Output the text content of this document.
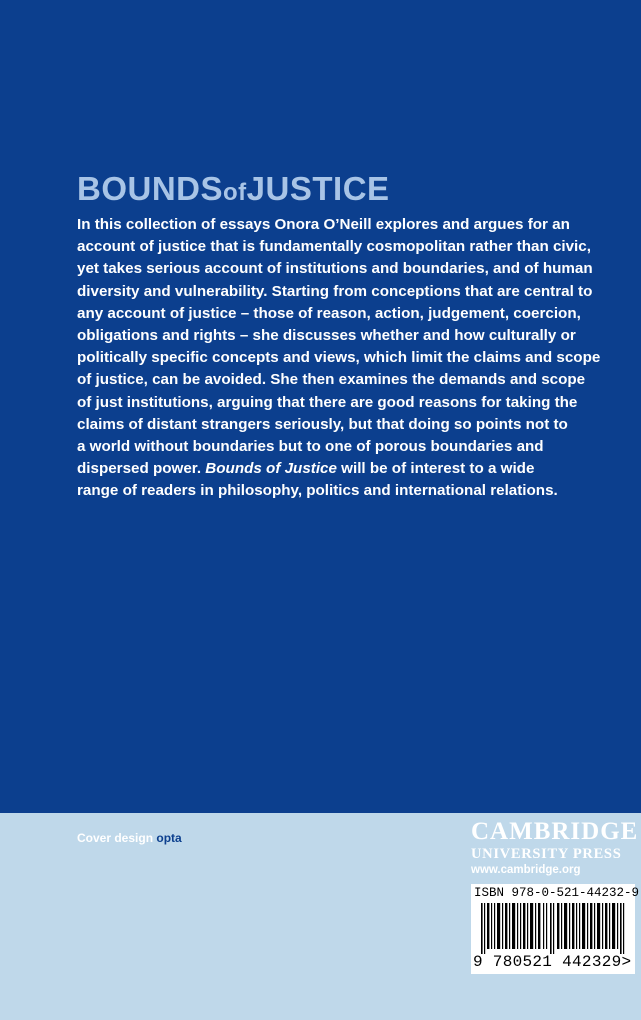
BOUNDSofJUSTICE
In this collection of essays Onora O’Neill explores and argues for an
account of justice that is fundamentally cosmopolitan rather than civic,
yet takes serious account of institutions and boundaries, and of human
diversity and vulnerability. Starting from conceptions that are central to
any account of justice – those of reason, action, judgement, coercion,
obligations and rights – she discusses whether and how culturally or
politically specific concepts and views, which limit the claims and scope
of justice, can be avoided. She then examines the demands and scope
of just institutions, arguing that there are good reasons for taking the
claims of distant strangers seriously, but that doing so points not to
a world without boundaries but to one of porous boundaries and
dispersed power. Bounds of Justice will be of interest to a wide
range of readers in philosophy, politics and international relations.
Cover design opta	CAMBRIDGE
UNIVERSITY PRESS
www.cambridge.org
ISBN 978-0-521-44232-9
9 780521 442329>
